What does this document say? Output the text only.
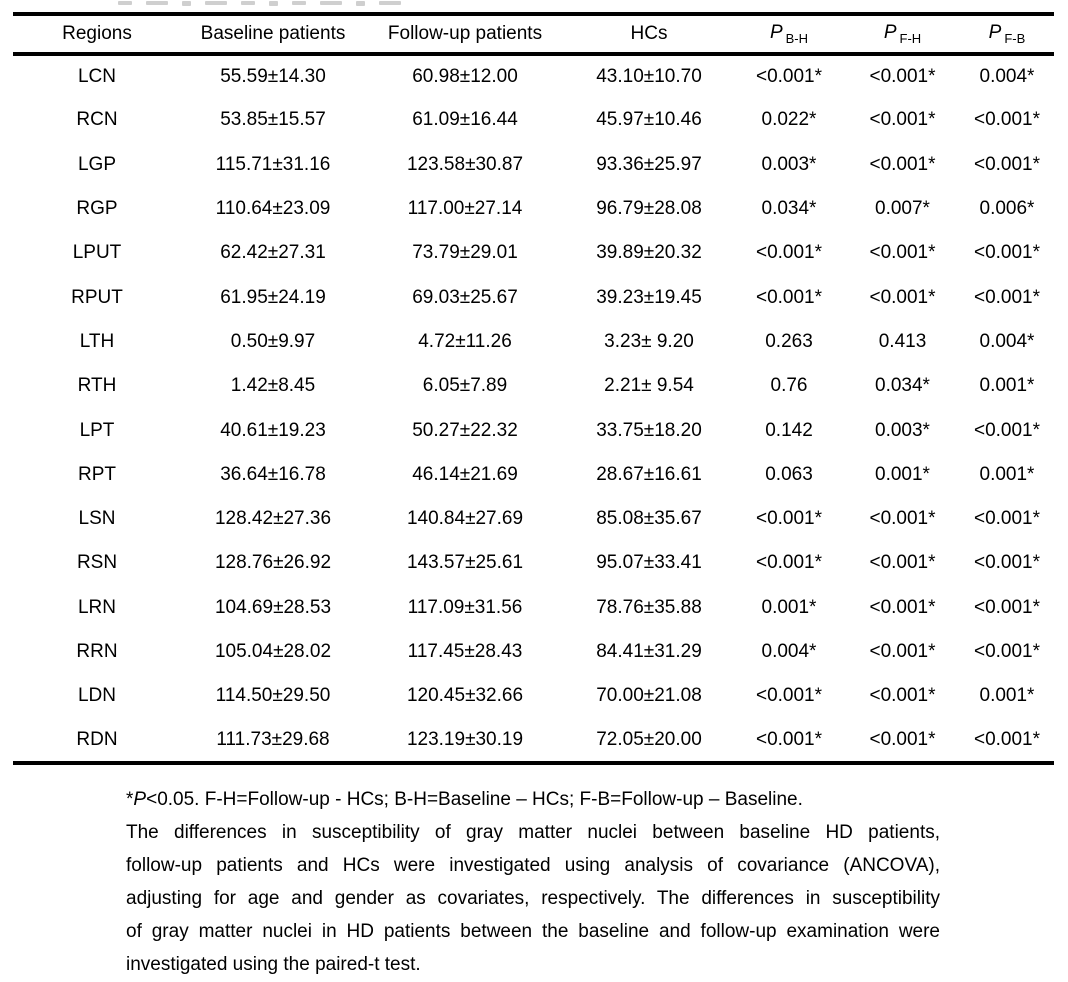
Regions	Baseline patients	Follow-up patients	HCs	P $_{B-H}$	P $_{F-H}$	P $_{F-B}$
LCN	55.59±14.30	60.98±12.00	43.10±10.70	<0.001*	<0.001*	0.004*
RCN	53.85±15.57	61.09±16.44	45.97±10.46	0.022*	<0.001*	<0.001*
LGP	115.71±31.16	123.58±30.87	93.36±25.97	0.003*	<0.001*	<0.001*
RGP	110.64±23.09	117.00±27.14	96.79±28.08	0.034*	0.007*	0.006*
LPUT	62.42±27.31	73.79±29.01	39.89±20.32	<0.001*	<0.001*	<0.001*
RPUT	61.95±24.19	69.03±25.67	39.23±19.45	<0.001*	<0.001*	<0.001*
LTH	0.50±9.97	4.72±11.26	3.23± 9.20	0.263	0.413	0.004*
RTH	1.42±8.45	6.05±7.89	2.21± 9.54	0.76	0.034*	0.001*
LPT	40.61±19.23	50.27±22.32	33.75±18.20	0.142	0.003*	<0.001*
RPT	36.64±16.78	46.14±21.69	28.67±16.61	0.063	0.001*	0.001*
LSN	128.42±27.36	140.84±27.69	85.08±35.67	<0.001*	<0.001*	<0.001*
RSN	128.76±26.92	143.57±25.61	95.07±33.41	<0.001*	<0.001*	<0.001*
LRN	104.69±28.53	117.09±31.56	78.76±35.88	0.001*	<0.001*	<0.001*
RRN	105.04±28.02	117.45±28.43	84.41±31.29	0.004*	<0.001*	<0.001*
LDN	114.50±29.50	120.45±32.66	70.00±21.08	<0.001*	<0.001*	0.001*
RDN	111.73±29.68	123.19±30.19	72.05±20.00	<0.001*	<0.001*	<0.001*
*P<0.05. F-H=Follow-up - HCs; B-H=Baseline – HCs; F-B=Follow-up – Baseline.
The differences in susceptibility of gray matter nuclei between baseline HD patients,
follow-up patients and HCs were investigated using analysis of covariance (ANCOVA),
adjusting for age and gender as covariates, respectively. The differences in susceptibility
of gray matter nuclei in HD patients between the baseline and follow-up examination were
investigated using the paired-t test.
